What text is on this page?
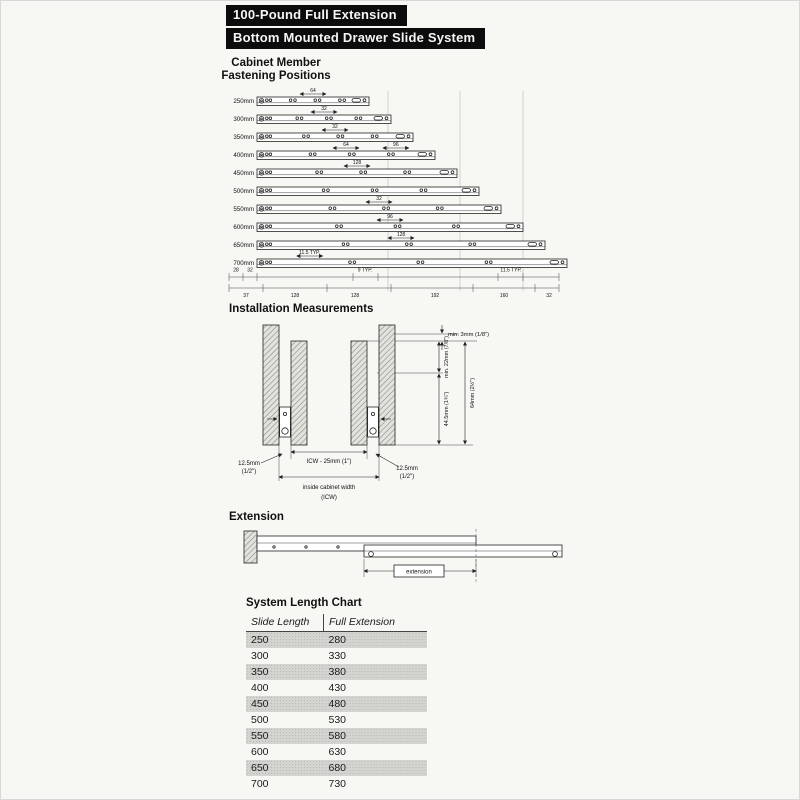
100-Pound Full Extension
Bottom Mounted Drawer Slide System
Cabinet Member
Fastening Positions
250mm
64
300mm
32
350mm
32
400mm
64	96
450mm
128
500mm
550mm
32
600mm
96
650mm
128
700mm
11.5 TYP.
28 32	9 TYP.	11.5 TYP.
37	128	128	192	160	32
Installation Measurements
min. 3mm (1/8")
min. 22mm (7/8")
44.5mm (1¾")	64mm (2½")
ICW - 25mm (1")
12.5mm
(1/2")	12.5mm
(1/2")
inside cabinet width
(ICW)
Extension
extension
System Length Chart
Slide Length	Full Extension
250	280
300	330
350	380
400	430
450	480
500	530
550	580
600	630
650	680
700	730
